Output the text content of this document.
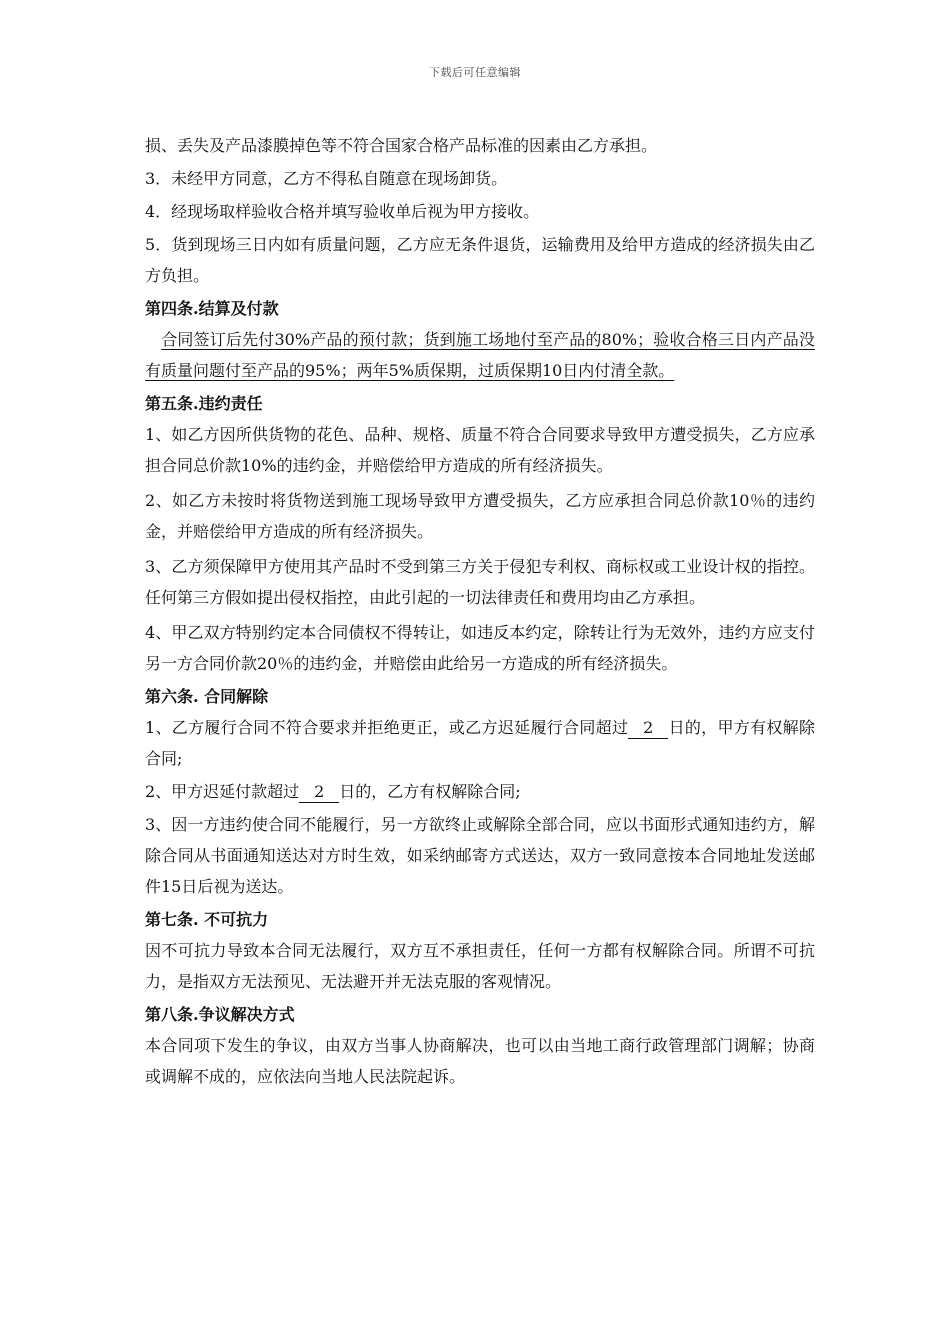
下载后可任意编辑

损、丢失及产品漆膜掉色等不符合国家合格产品标准的因素由乙方承担。

3．未经甲方同意，乙方不得私自随意在现场卸货。

4．经现场取样验收合格并填写验收单后视为甲方接收。

5．货到现场三日内如有质量问题，乙方应无条件退货，运输费用及给甲方造成的经济损失由乙方负担。

第四条.结算及付款

　合同签订后先付30%产品的预付款；货到施工场地付至产品的80%；验收合格三日内产品没有质量问题付至产品的95%；两年5%质保期，过质保期10日内付清全款。

第五条.违约责任

1、如乙方因所供货物的花色、品种、规格、质量不符合合同要求导致甲方遭受损失，乙方应承担合同总价款10%的违约金，并赔偿给甲方造成的所有经济损失。

2、如乙方未按时将货物送到施工现场导致甲方遭受损失，乙方应承担合同总价款10％的违约金，并赔偿给甲方造成的所有经济损失。

3、乙方须保障甲方使用其产品时不受到第三方关于侵犯专利权、商标权或工业设计权的指控。任何第三方假如提出侵权指控，由此引起的一切法律责任和费用均由乙方承担。

4、甲乙双方特别约定本合同债权不得转让，如违反本约定，除转让行为无效外，违约方应支付另一方合同价款20％的违约金，并赔偿由此给另一方造成的所有经济损失。

第六条. 合同解除

1、乙方履行合同不符合要求并拒绝更正，或乙方迟延履行合同超过 2 日的，甲方有权解除合同;

2、甲方迟延付款超过 2 日的，乙方有权解除合同;

3、因一方违约使合同不能履行，另一方欲终止或解除全部合同，应以书面形式通知违约方，解除合同从书面通知送达对方时生效，如采纳邮寄方式送达，双方一致同意按本合同地址发送邮件15日后视为送达。

第七条. 不可抗力

因不可抗力导致本合同无法履行，双方互不承担责任，任何一方都有权解除合同。所谓不可抗力，是指双方无法预见、无法避开并无法克服的客观情况。

第八条.争议解决方式

本合同项下发生的争议，由双方当事人协商解决，也可以由当地工商行政管理部门调解；协商或调解不成的，应依法向当地人民法院起诉。
